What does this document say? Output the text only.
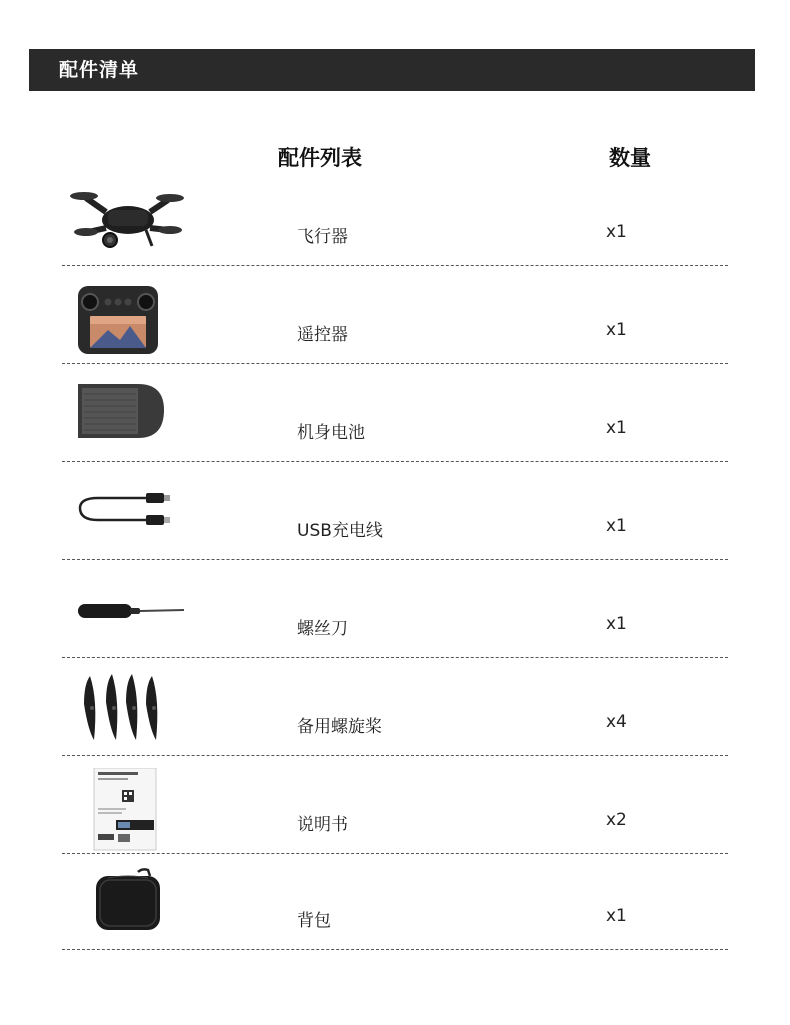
配件清单
配件列表	数量
飞行器	x1
遥控器	x1
机身电池	x1
USB充电线	x1
螺丝刀	x1
备用螺旋桨	x4
说明书	x2
背包	x1
